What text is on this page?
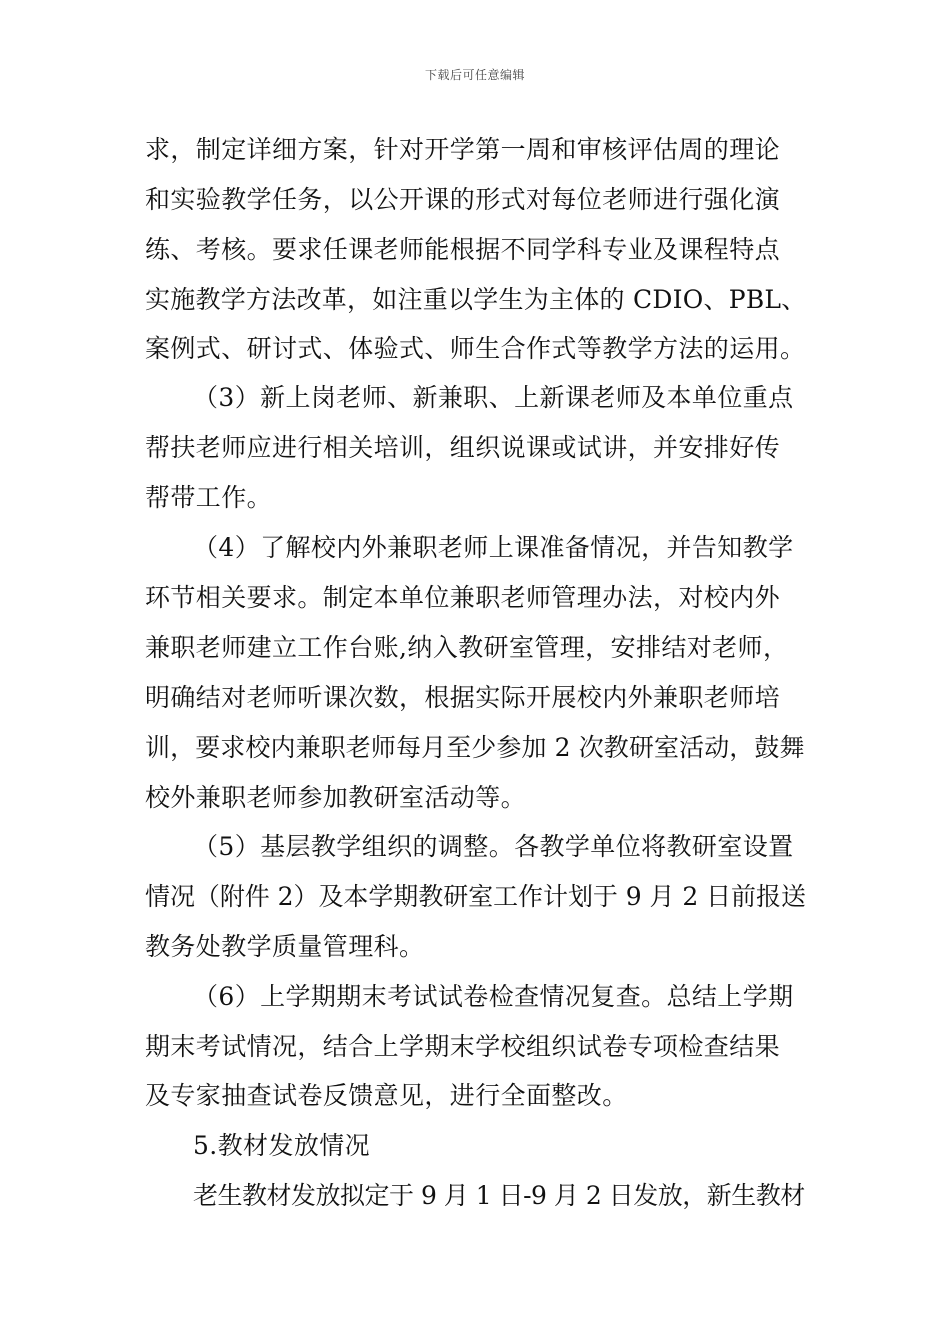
下载后可任意编辑
求，制定详细方案，针对开学第一周和审核评估周的理论
和实验教学任务，以公开课的形式对每位老师进行强化演
练、考核。要求任课老师能根据不同学科专业及课程特点
实施教学方法改革，如注重以学生为主体的 CDIO、PBL、
案例式、研讨式、体验式、师生合作式等教学方法的运用。
（3）新上岗老师、新兼职、上新课老师及本单位重点
帮扶老师应进行相关培训，组织说课或试讲，并安排好传
帮带工作。
（4）了解校内外兼职老师上课准备情况，并告知教学
环节相关要求。制定本单位兼职老师管理办法，对校内外
兼职老师建立工作台账,纳入教研室管理，安排结对老师，
明确结对老师听课次数，根据实际开展校内外兼职老师培
训，要求校内兼职老师每月至少参加 2 次教研室活动，鼓舞
校外兼职老师参加教研室活动等。
（5）基层教学组织的调整。各教学单位将教研室设置
情况（附件 2）及本学期教研室工作计划于 9 月 2 日前报送
教务处教学质量管理科。
（6）上学期期末考试试卷检查情况复查。总结上学期
期末考试情况，结合上学期末学校组织试卷专项检查结果
及专家抽查试卷反馈意见，进行全面整改。
5.教材发放情况
老生教材发放拟定于 9 月 1 日-9 月 2 日发放，新生教材
